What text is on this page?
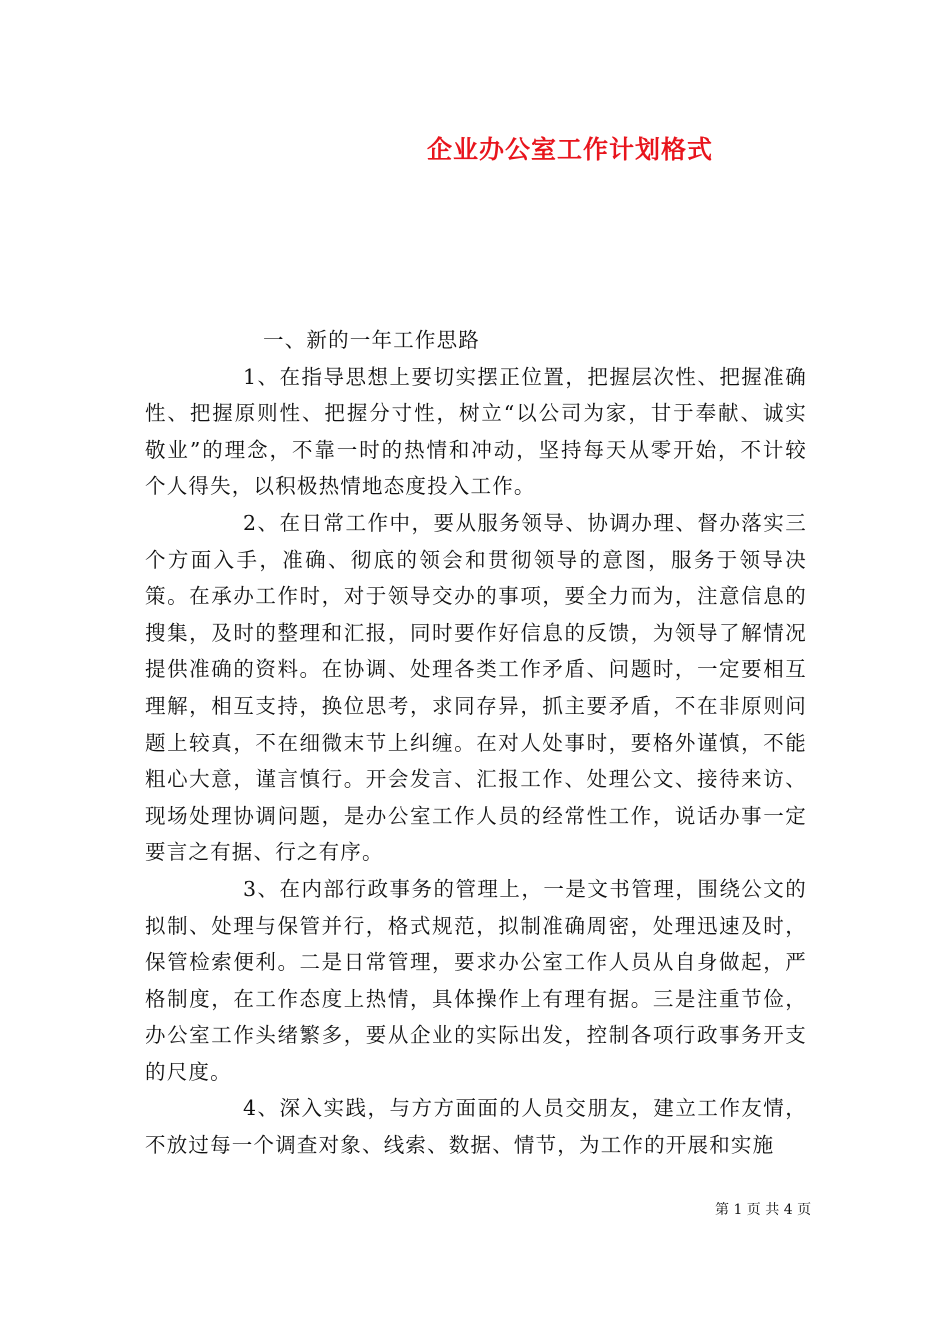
企业办公室工作计划格式

一、新的一年工作思路

1、在指导思想上要切实摆正位置，把握层次性、把握准确性、把握原则性、把握分寸性，树立“以公司为家，甘于奉献、诚实敬业”的理念，不靠一时的热情和冲动，坚持每天从零开始，不计较个人得失，以积极热情地态度投入工作。

2、在日常工作中，要从服务领导、协调办理、督办落实三个方面入手，准确、彻底的领会和贯彻领导的意图，服务于领导决策。在承办工作时，对于领导交办的事项，要全力而为，注意信息的搜集，及时的整理和汇报，同时要作好信息的反馈，为领导了解情况提供准确的资料。在协调、处理各类工作矛盾、问题时，一定要相互理解，相互支持，换位思考，求同存异，抓主要矛盾，不在非原则问题上较真，不在细微末节上纠缠。在对人处事时，要格外谨慎，不能粗心大意，谨言慎行。开会发言、汇报工作、处理公文、接待来访、现场处理协调问题，是办公室工作人员的经常性工作，说话办事一定要言之有据、行之有序。

3、在内部行政事务的管理上，一是文书管理，围绕公文的拟制、处理与保管并行，格式规范，拟制准确周密，处理迅速及时，保管检索便利。二是日常管理，要求办公室工作人员从自身做起，严格制度，在工作态度上热情，具体操作上有理有据。三是注重节俭，办公室工作头绪繁多，要从企业的实际出发，控制各项行政事务开支的尺度。

4、深入实践，与方方面面的人员交朋友，建立工作友情，不放过每一个调查对象、线索、数据、情节，为工作的开展和实施

第 1 页 共 4 页
